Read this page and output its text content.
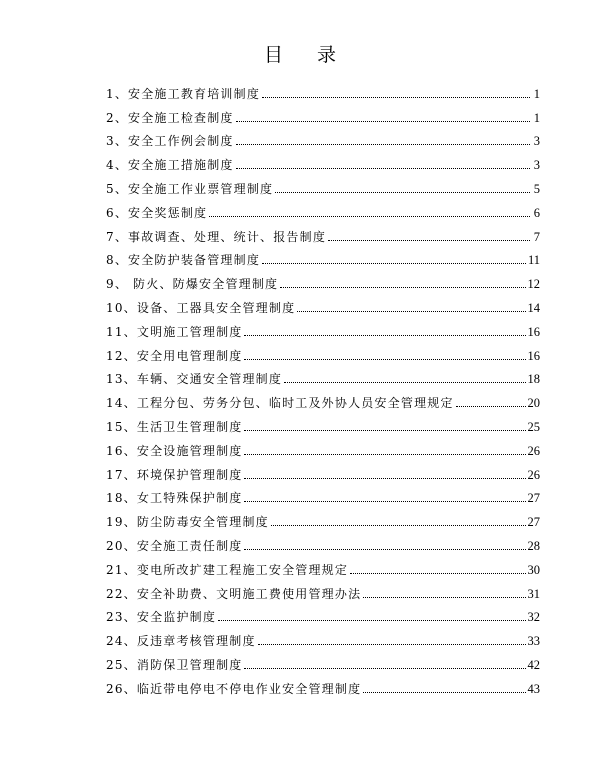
目 录
1、安全施工教育培训制度	1
2、安全施工检查制度	1
3、安全工作例会制度	3
4、安全施工措施制度	3
5、安全施工作业票管理制度	5
6、安全奖惩制度	6
7、事故调查、处理、统计、报告制度	7
8、安全防护装备管理制度	11
9、 防火、防爆安全管理制度	12
10、设备、工器具安全管理制度	14
11、文明施工管理制度	16
12、安全用电管理制度	16
13、车辆、交通安全管理制度	18
14、工程分包、劳务分包、临时工及外协人员安全管理规定	20
15、生活卫生管理制度	25
16、安全设施管理制度	26
17、环境保护管理制度	26
18、女工特殊保护制度	27
19、防尘防毒安全管理制度	27
20、安全施工责任制度	28
21、变电所改扩建工程施工安全管理规定	30
22、安全补助费、文明施工费使用管理办法	31
23、安全监护制度	32
24、反违章考核管理制度	33
25、消防保卫管理制度	42
26、临近带电停电不停电作业安全管理制度	43
